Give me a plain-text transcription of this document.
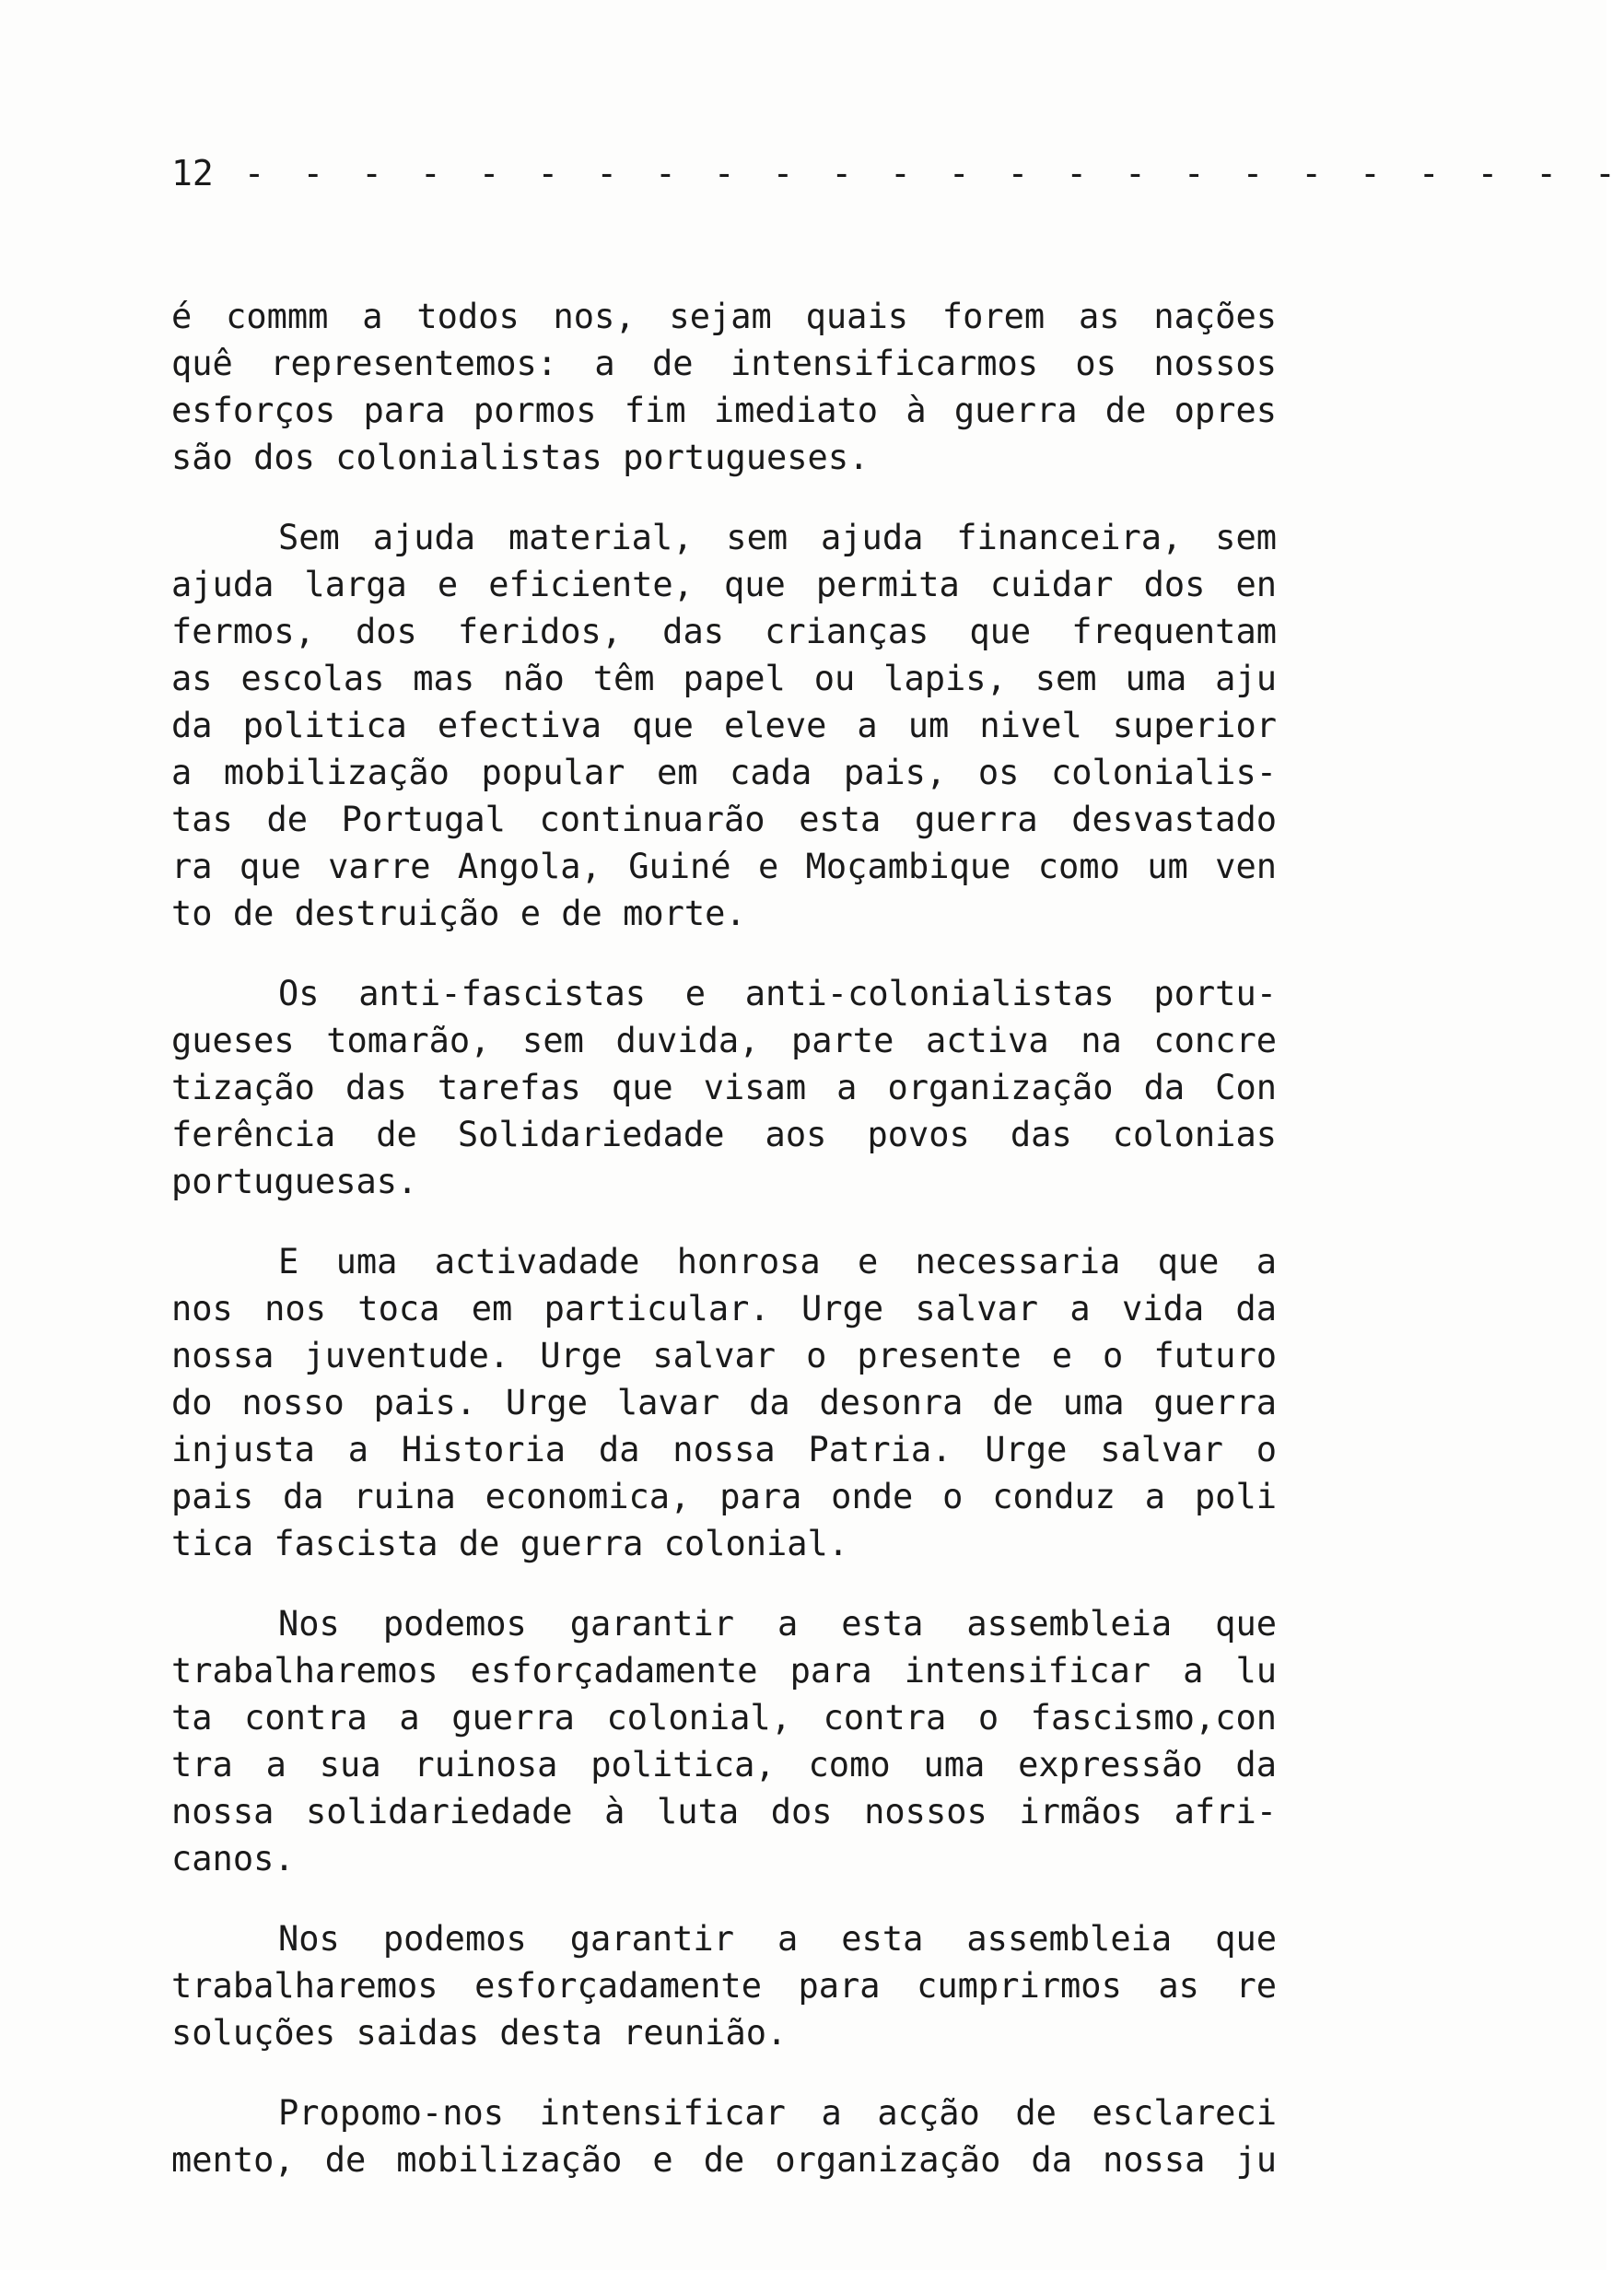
12 - - - - - - - - - - - - - - - - - - - - - - - -
é commm a todos nos, sejam quais forem as nações
quê representemos: a de intensificarmos os nossos
esforços para pormos fim imediato à guerra de opres
são dos colonialistas portugueses.
Sem ajuda material, sem ajuda financeira, sem
ajuda larga e eficiente, que permita cuidar dos en
fermos, dos feridos, das crianças que frequentam
as escolas mas não têm papel ou lapis, sem uma aju
da politica efectiva que eleve a um nivel superior
a mobilização popular em cada pais, os colonialis-
tas de Portugal continuarão esta guerra desvastado
ra que varre Angola, Guiné e Moçambique como um ven
to de destruição e de morte.
Os anti-fascistas e anti-colonialistas portu-
gueses tomarão, sem duvida, parte activa na concre
tização das tarefas que visam a organização da Con
ferência de Solidariedade aos povos das colonias
portuguesas.
E uma activadade honrosa e necessaria que a
nos nos toca em particular. Urge salvar a vida da
nossa juventude. Urge salvar o presente e o futuro
do nosso pais. Urge lavar da desonra de uma guerra
injusta a Historia da nossa Patria. Urge salvar o
pais da ruina economica, para onde o conduz a poli
tica fascista de guerra colonial.
Nos podemos garantir a esta assembleia que
trabalharemos esforçadamente para intensificar a lu
ta contra a guerra colonial, contra o fascismo,con
tra a sua ruinosa politica, como uma expressão da
nossa solidariedade à luta dos nossos irmãos afri-
canos.
Nos podemos garantir a esta assembleia que
trabalharemos esforçadamente para cumprirmos as re
soluções saidas desta reunião.
Propomo-nos intensificar a acção de esclareci
mento, de mobilização e de organização da nossa ju
